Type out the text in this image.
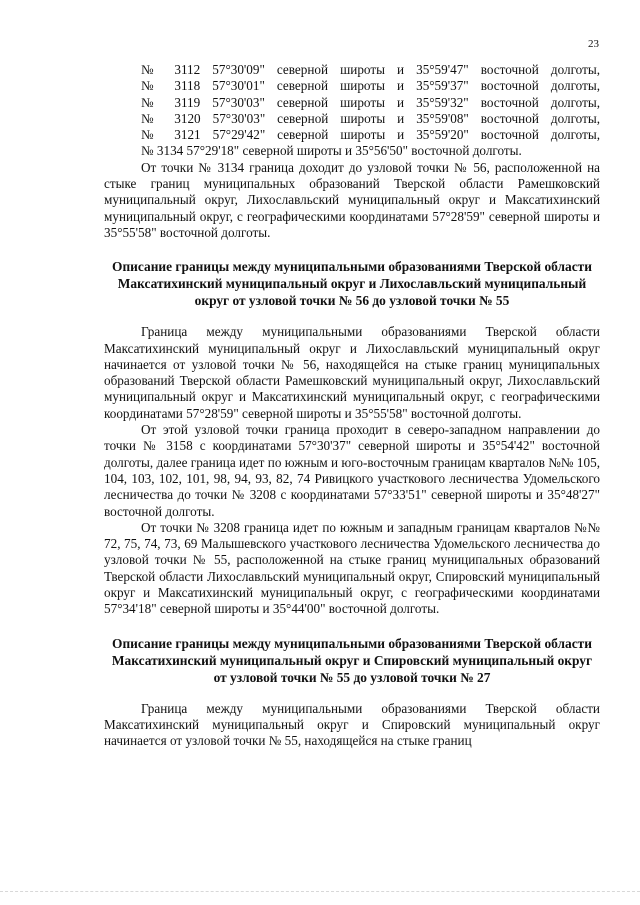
23

№ 3112 57°30'09" северной широты и 35°59'47" восточной долготы,

№ 3118 57°30'01" северной широты и 35°59'37" восточной долготы,

№ 3119 57°30'03" северной широты и 35°59'32" восточной долготы,

№ 3120 57°30'03" северной широты и 35°59'08" восточной долготы,

№ 3121 57°29'42" северной широты и 35°59'20" восточной долготы,

№ 3134 57°29'18" северной широты и 35°56'50" восточной долготы.

От точки № 3134 граница доходит до узловой точки № 56, расположенной на стыке границ муниципальных образований Тверской области Рамешковский муниципальный округ, Лихославльский муниципальный округ и Максатихинский муниципальный округ, с географическими координатами 57°28'59" северной широты и 35°55'58" восточной долготы.

Описание границы между муниципальными образованиями Тверской области Максатихинский муниципальный округ и Лихославльский муниципальный округ от узловой точки № 56 до узловой точки № 55

Граница между муниципальными образованиями Тверской области Максатихинский муниципальный округ и Лихославльский муниципальный округ начинается от узловой точки № 56, находящейся на стыке границ муниципальных образований Тверской области Рамешковский муниципальный округ, Лихославльский муниципальный округ и Максатихинский муниципальный округ, с географическими координатами 57°28'59" северной широты и 35°55'58" восточной долготы.

От этой узловой точки граница проходит в северо-западном направлении до точки № 3158 с координатами 57°30'37" северной широты и 35°54'42" восточной долготы, далее граница идет по южным и юго-восточным границам кварталов №№ 105, 104, 103, 102, 101, 98, 94, 93, 82, 74 Ривицкого участкового лесничества Удомельского лесничества до точки № 3208 с координатами 57°33'51" северной широты и 35°48'27" восточной долготы.

От точки № 3208 граница идет по южным и западным границам кварталов №№ 72, 75, 74, 73, 69 Малышевского участкового лесничества Удомельского лесничества до узловой точки № 55, расположенной на стыке границ муниципальных образований Тверской области Лихославльский муниципальный округ, Спировский муниципальный округ и Максатихинский муниципальный округ, с географическими координатами 57°34'18" северной широты и 35°44'00" восточной долготы.

Описание границы между муниципальными образованиями Тверской области Максатихинский муниципальный округ и Спировский муниципальный округ от узловой точки № 55 до узловой точки № 27

Граница между муниципальными образованиями Тверской области Максатихинский муниципальный округ и Спировский муниципальный округ начинается от узловой точки № 55, находящейся на стыке границ
